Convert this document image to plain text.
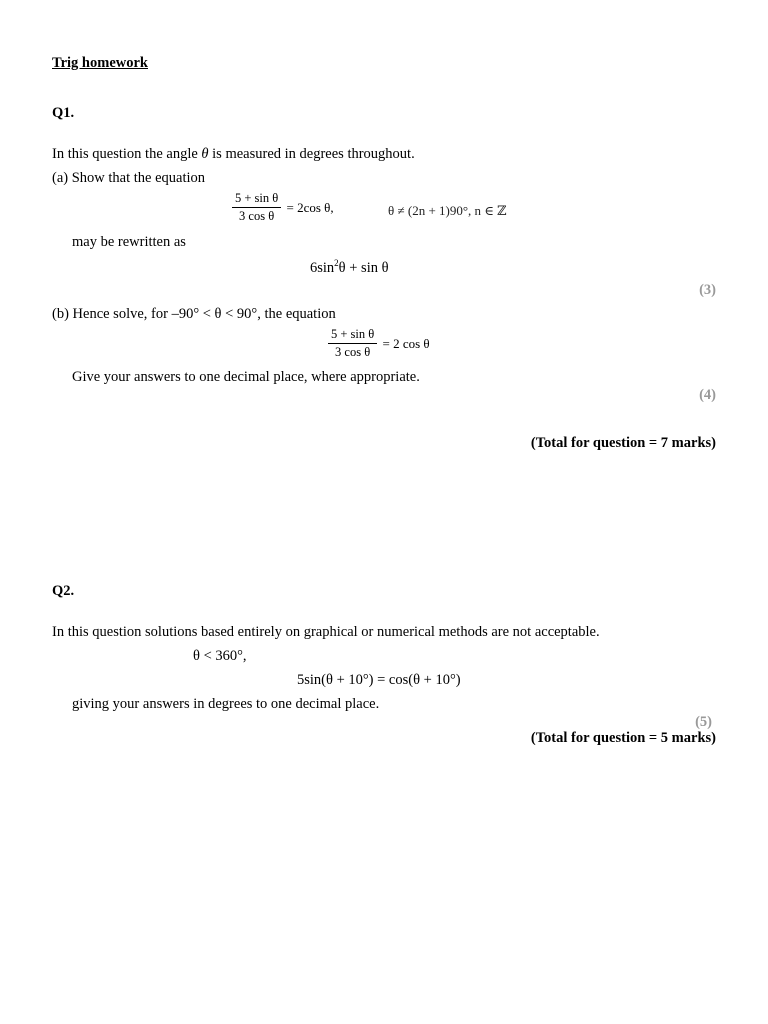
Trig homework
Q1.
In this question the angle θ is measured in degrees throughout.
(a) Show that the equation
$\frac{\text{5 + sin θ}}{\text{3 cos θ}} = 2\cos$ θ,	θ ≠ (2n + 1)90°, n ∈ ℤ
may be rewritten as
$6\sin^2\theta + \sin \theta$
(3)
(b) Hence solve, for –90° < θ < 90°, the equation
$\frac{\text{5 + sin θ}}{\text{3 cos θ}} = 2$ cos θ
Give your answers to one decimal place, where appropriate.
(4)
(Total for question = 7 marks)
Q2.
In this question solutions based entirely on graphical or numerical methods are not acceptable.
θ < 360°,
5sin(θ + 10°) = cos(θ + 10°)
giving your answers in degrees to one decimal place.
(5)
(Total for question = 5 marks)
